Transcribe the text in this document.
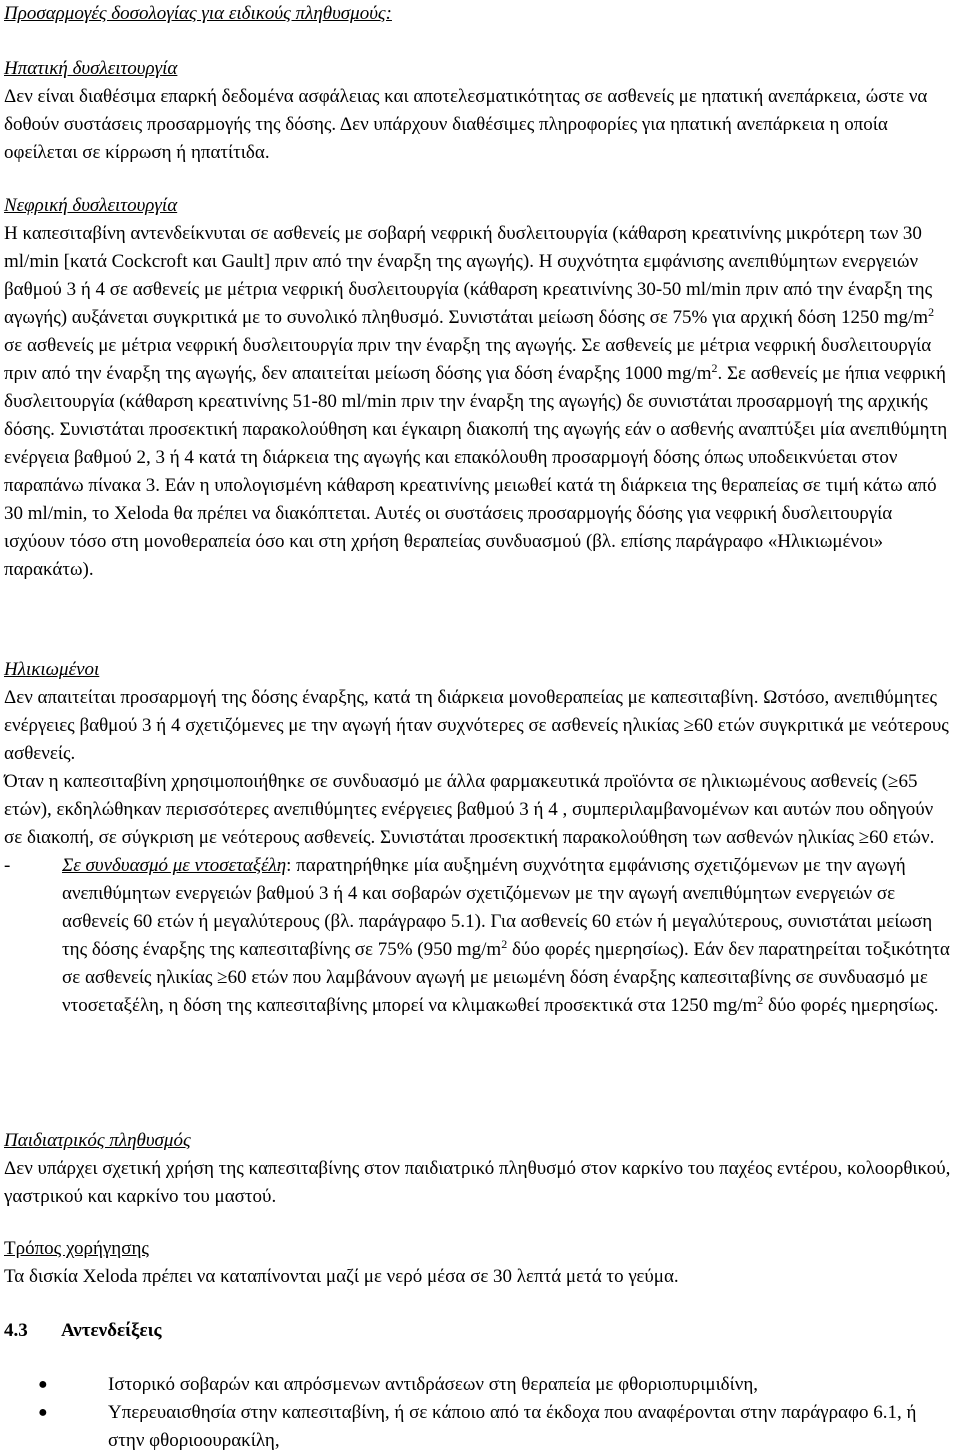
Προσαρμογές δοσολογίας για ειδικούς πληθυσμούς:

Ηπατική δυσλειτουργία

Δεν είναι διαθέσιμα επαρκή δεδομένα ασφάλειας και αποτελεσματικότητας σε ασθενείς με ηπατική ανεπάρκεια, ώστε να δοθούν συστάσεις προσαρμογής της δόσης. Δεν υπάρχουν διαθέσιμες πληροφορίες για ηπατική ανεπάρκεια η οποία οφείλεται σε κίρρωση ή ηπατίτιδα.

Νεφρική δυσλειτουργία

Η καπεσιταβίνη αντενδείκνυται σε ασθενείς με σοβαρή νεφρική δυσλειτουργία (κάθαρση κρεατινίνης μικρότερη των 30 ml/min [κατά Cockcroft και Gault] πριν από την έναρξη της αγωγής). Η συχνότητα εμφάνισης ανεπιθύμητων ενεργειών βαθμού 3 ή 4 σε ασθενείς με μέτρια νεφρική δυσλειτουργία (κάθαρση κρεατινίνης 30-50 ml/min πριν από την έναρξη της αγωγής) αυξάνεται συγκριτικά με το συνολικό πληθυσμό. Συνιστάται μείωση δόσης σε 75% για αρχική δόση 1250 $mg/m^2$ σε ασθενείς με μέτρια νεφρική δυσλειτουργία πριν την έναρξη της αγωγής. Σε ασθενείς με μέτρια νεφρική δυσλειτουργία πριν από την έναρξη της αγωγής, δεν απαιτείται μείωση δόσης για δόση έναρξης 1000 $mg/m^2$. Σε ασθενείς με ήπια νεφρική δυσλειτουργία (κάθαρση κρεατινίνης 51-80 ml/min πριν την έναρξη της αγωγής) δε συνιστάται προσαρμογή της αρχικής δόσης. Συνιστάται προσεκτική παρακολούθηση και έγκαιρη διακοπή της αγωγής εάν ο ασθενής αναπτύξει μία ανεπιθύμητη ενέργεια βαθμού 2, 3 ή 4 κατά τη διάρκεια της αγωγής και επακόλουθη προσαρμογή δόσης όπως υποδεικνύεται στον παραπάνω πίνακα 3. Εάν η υπολογισμένη κάθαρση κρεατινίνης μειωθεί κατά τη διάρκεια της θεραπείας σε τιμή κάτω από 30 ml/min, το Xeloda θα πρέπει να διακόπτεται. Αυτές οι συστάσεις προσαρμογής δόσης για νεφρική δυσλειτουργία ισχύουν τόσο στη μονοθεραπεία όσο και στη χρήση θεραπείας συνδυασμού (βλ. επίσης παράγραφο «Ηλικιωμένοι» παρακάτω).

Ηλικιωμένοι

Δεν απαιτείται προσαρμογή της δόσης έναρξης, κατά τη διάρκεια μονοθεραπείας με καπεσιταβίνη. Ωστόσο, ανεπιθύμητες ενέργειες βαθμού 3 ή 4 σχετιζόμενες με την αγωγή ήταν συχνότερες σε ασθενείς ηλικίας ≥60 ετών συγκριτικά με νεότερους ασθενείς.

Όταν η καπεσιταβίνη χρησιμοποιήθηκε σε συνδυασμό με άλλα φαρμακευτικά προϊόντα σε ηλικιωμένους ασθενείς (≥65 ετών), εκδηλώθηκαν περισσότερες ανεπιθύμητες ενέργειες βαθμού 3 ή 4 , συμπεριλαμβανομένων και αυτών που οδηγούν σε διακοπή, σε σύγκριση με νεότερους ασθενείς. Συνιστάται προσεκτική παρακολούθηση των ασθενών ηλικίας ≥60 ετών.

-	Σε συνδυασμό με ντοσεταξέλη: παρατηρήθηκε μία αυξημένη συχνότητα εμφάνισης σχετιζόμενων με την αγωγή ανεπιθύμητων ενεργειών βαθμού 3 ή 4 και σοβαρών σχετιζόμενων με την αγωγή ανεπιθύμητων ενεργειών σε ασθενείς 60 ετών ή μεγαλύτερους (βλ. παράγραφο 5.1). Για ασθενείς 60 ετών ή μεγαλύτερους, συνιστάται μείωση της δόσης έναρξης της καπεσιταβίνης σε 75% (950 $mg/m^2$ δύο φορές ημερησίως). Εάν δεν παρατηρείται τοξικότητα σε ασθενείς ηλικίας ≥60 ετών που λαμβάνουν αγωγή με μειωμένη δόση έναρξης καπεσιταβίνης σε συνδυασμό με ντοσεταξέλη, η δόση της καπεσιταβίνης μπορεί να κλιμακωθεί προσεκτικά στα 1250 $mg/m^2$ δύο φορές ημερησίως.

Παιδιατρικός πληθυσμός

Δεν υπάρχει σχετική χρήση της καπεσιταβίνης στον παιδιατρικό πληθυσμό στον καρκίνο του παχέος εντέρου, κολοορθικού, γαστρικού και καρκίνο του μαστού.

Τρόπος χορήγησης

Τα δισκία Xeloda πρέπει να καταπίνονται μαζί με νερό μέσα σε 30 λεπτά μετά το γεύμα.

4.3 Αντενδείξεις

●	Ιστορικό σοβαρών και απρόσμενων αντιδράσεων στη θεραπεία με φθοριοπυριμιδίνη,

●	Υπερευαισθησία στην καπεσιταβίνη, ή σε κάποιο από τα έκδοχα που αναφέρονται στην παράγραφο 6.1, ή στην φθοριοουρακίλη,
